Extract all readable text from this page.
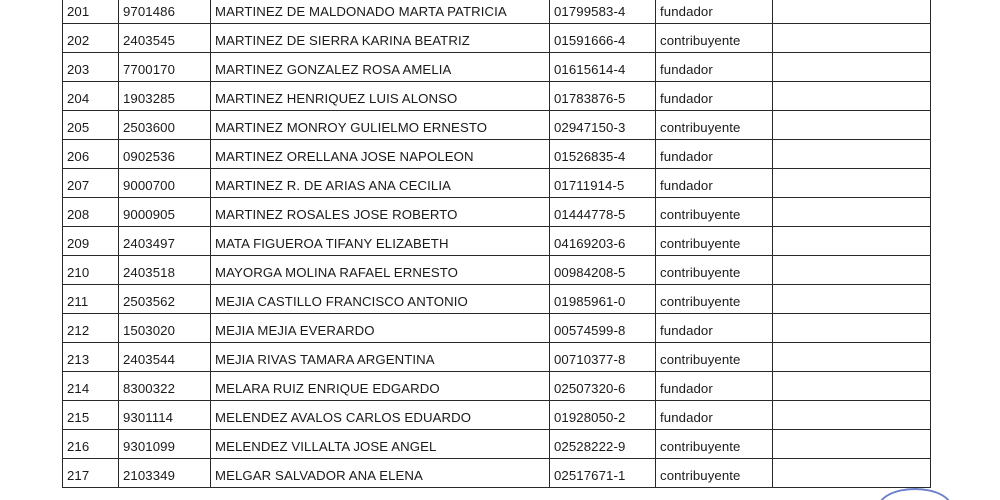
201	9701486	MARTINEZ DE MALDONADO MARTA PATRICIA	01799583-4	fundador	
202	2403545	MARTINEZ DE SIERRA KARINA BEATRIZ	01591666-4	contribuyente	
203	7700170	MARTINEZ GONZALEZ ROSA AMELIA	01615614-4	fundador	
204	1903285	MARTINEZ HENRIQUEZ LUIS ALONSO	01783876-5	fundador	
205	2503600	MARTINEZ MONROY GULIELMO ERNESTO	02947150-3	contribuyente	
206	0902536	MARTINEZ ORELLANA JOSE NAPOLEON	01526835-4	fundador	
207	9000700	MARTINEZ R. DE ARIAS ANA CECILIA	01711914-5	fundador	
208	9000905	MARTINEZ ROSALES JOSE ROBERTO	01444778-5	contribuyente	
209	2403497	MATA FIGUEROA TIFANY ELIZABETH	04169203-6	contribuyente	
210	2403518	MAYORGA MOLINA RAFAEL ERNESTO	00984208-5	contribuyente	
211	2503562	MEJIA CASTILLO FRANCISCO ANTONIO	01985961-0	contribuyente	
212	1503020	MEJIA MEJIA EVERARDO	00574599-8	fundador	
213	2403544	MEJIA RIVAS TAMARA ARGENTINA	00710377-8	contribuyente	
214	8300322	MELARA RUIZ ENRIQUE EDGARDO	02507320-6	fundador	
215	9301114	MELENDEZ AVALOS CARLOS EDUARDO	01928050-2	fundador	
216	9301099	MELENDEZ VILLALTA JOSE ANGEL	02528222-9	contribuyente	
217	2103349	MELGAR SALVADOR ANA ELENA	02517671-1	contribuyente	
